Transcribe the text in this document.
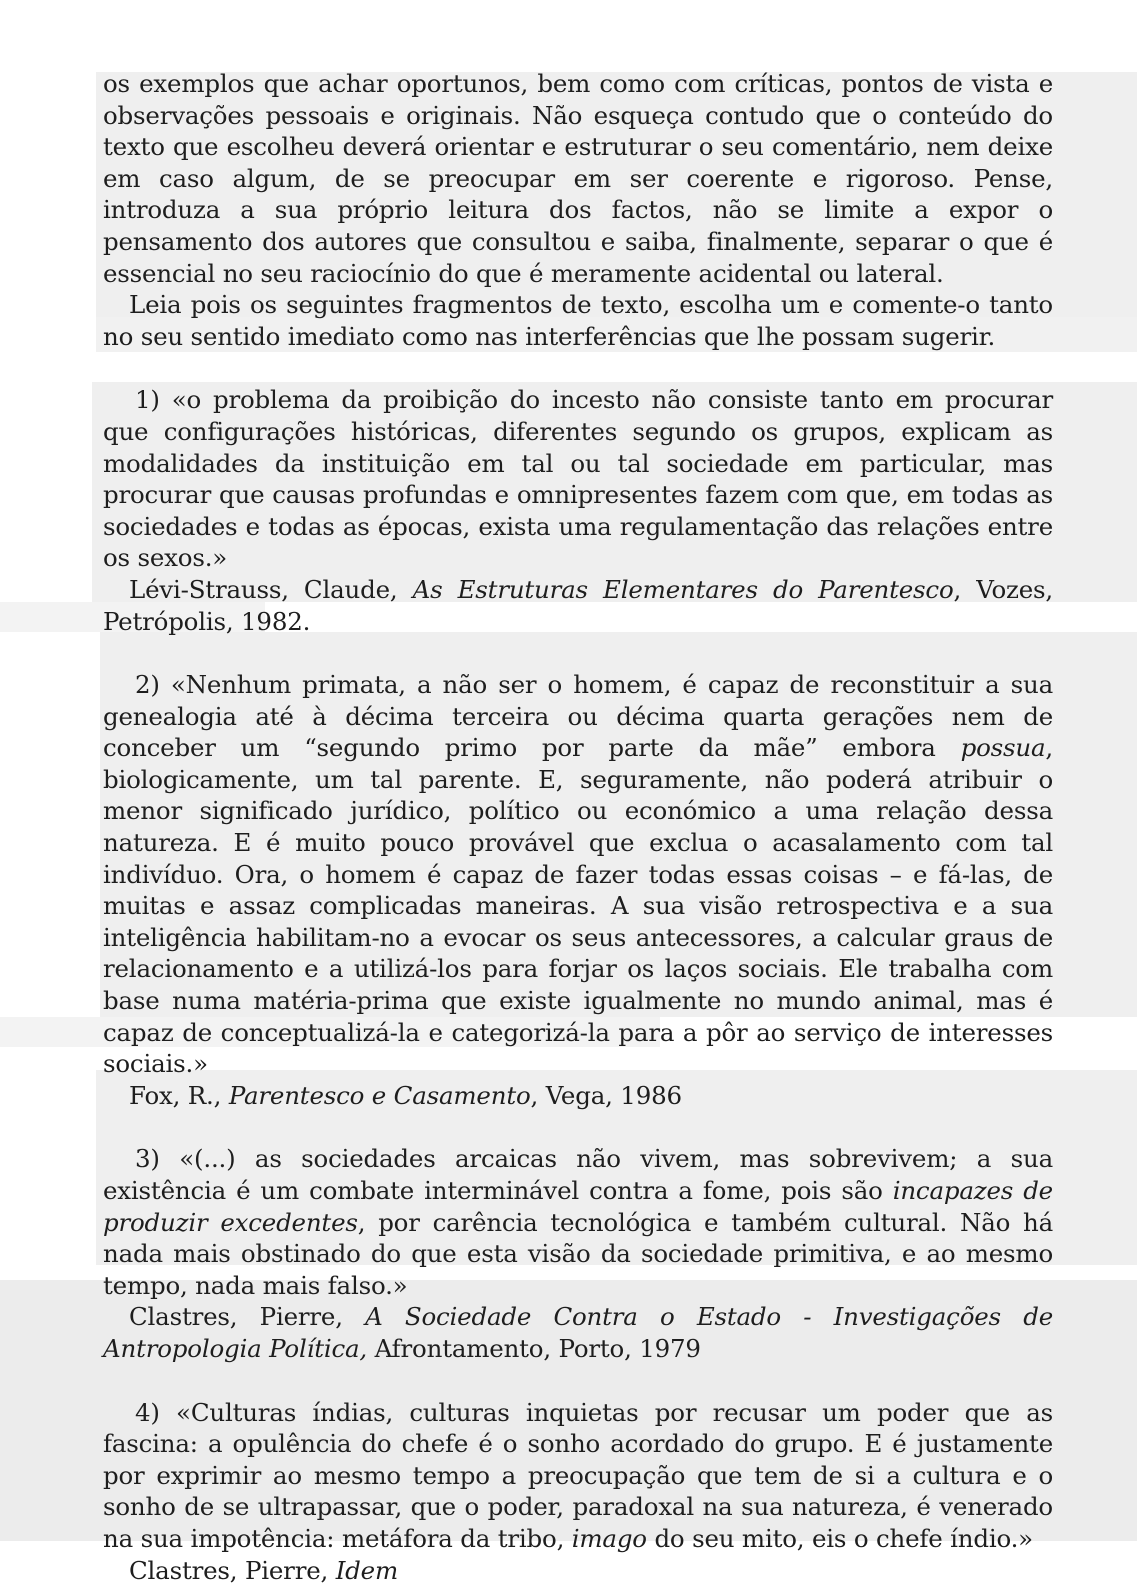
os exemplos que achar oportunos, bem como com críticas, pontos de vista e observações pessoais e originais. Não esqueça contudo que o conteúdo do texto que escolheu deverá orientar e estruturar o seu comentário, nem deixe em caso algum, de se preocupar em ser coerente e rigoroso. Pense, introduza a sua próprio leitura dos factos, não se limite a expor o pensamento dos autores que consultou e saiba, finalmente, separar o que é essencial no seu raciocínio do que é meramente acidental ou lateral.

Leia pois os seguintes fragmentos de texto, escolha um e comente-o tanto no seu sentido imediato como nas interferências que lhe possam sugerir.

1) «o problema da proibição do incesto não consiste tanto em procurar que configurações históricas, diferentes segundo os grupos, explicam as modalidades da instituição em tal ou tal sociedade em particular, mas procurar que causas profundas e omnipresentes fazem com que, em todas as sociedades e todas as épocas, exista uma regulamentação das relações entre os sexos.»

Lévi-Strauss, Claude, As Estruturas Elementares do Parentesco, Vozes, Petrópolis, 1982.

2) «Nenhum primata, a não ser o homem, é capaz de reconstituir a sua genealogia até à décima terceira ou décima quarta gerações nem de conceber um “segundo primo por parte da mãe” embora possua, biologicamente, um tal parente. E, seguramente, não poderá atribuir o menor significado jurídico, político ou económico a uma relação dessa natureza. E é muito pouco provável que exclua o acasalamento com tal indivíduo. Ora, o homem é capaz de fazer todas essas coisas – e fá-las, de muitas e assaz complicadas maneiras. A sua visão retrospectiva e a sua inteligência habilitam-no a evocar os seus antecessores, a calcular graus de relacionamento e a utilizá-los para forjar os laços sociais. Ele trabalha com base numa matéria-prima que existe igualmente no mundo animal, mas é capaz de conceptualizá-la e categorizá-la para a pôr ao serviço de interesses sociais.»

Fox, R., Parentesco e Casamento, Vega, 1986

3) «(...) as sociedades arcaicas não vivem, mas sobrevivem; a sua existência é um combate interminável contra a fome, pois são incapazes de produzir excedentes, por carência tecnológica e também cultural. Não há nada mais obstinado do que esta visão da sociedade primitiva, e ao mesmo tempo, nada mais falso.»

Clastres, Pierre, A Sociedade Contra o Estado - Investigações de Antropologia Política, Afrontamento, Porto, 1979

4) «Culturas índias, culturas inquietas por recusar um poder que as fascina: a opulência do chefe é o sonho acordado do grupo. E é justamente por exprimir ao mesmo tempo a preocupação que tem de si a cultura e o sonho de se ultrapassar, que o poder, paradoxal na sua natureza, é venerado na sua impotência: metáfora da tribo, imago do seu mito, eis o chefe índio.»

Clastres, Pierre, Idem
